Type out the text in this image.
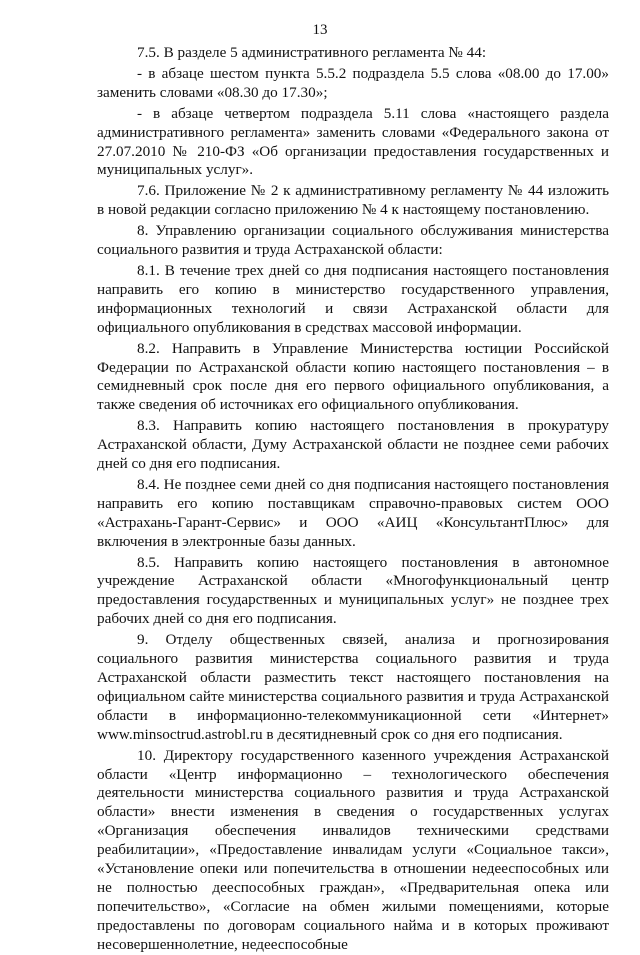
13

7.5. В разделе 5 административного регламента № 44:

- в абзаце шестом пункта 5.5.2 подраздела 5.5 слова «08.00 до 17.00» заменить словами «08.30 до 17.30»;

- в абзаце четвертом подраздела 5.11 слова «настоящего раздела административного регламента» заменить словами «Федерального закона от 27.07.2010 № 210-ФЗ «Об организации предоставления государственных и муниципальных услуг».

7.6. Приложение № 2 к административному регламенту № 44 изложить в новой редакции согласно приложению № 4 к настоящему постановлению.

8. Управлению организации социального обслуживания министерства социального развития и труда Астраханской области:

8.1. В течение трех дней со дня подписания настоящего постановления направить его копию в министерство государственного управления, информационных технологий и связи Астраханской области для официального опубликования в средствах массовой информации.

8.2. Направить в Управление Министерства юстиции Российской Федерации по Астраханской области копию настоящего постановления – в семидневный срок после дня его первого официального опубликования, а также сведения об источниках его официального опубликования.

8.3. Направить копию настоящего постановления в прокуратуру Астраханской области, Думу Астраханской области не позднее семи рабочих дней со дня его подписания.

8.4. Не позднее семи дней со дня подписания настоящего постановления направить его копию поставщикам справочно-правовых систем ООО «Астрахань-Гарант-Сервис» и ООО «АИЦ «КонсультантПлюс» для включения в электронные базы данных.

8.5. Направить копию настоящего постановления в автономное учреждение Астраханской области «Многофункциональный центр предоставления государственных и муниципальных услуг» не позднее трех рабочих дней со дня его подписания.

9. Отделу общественных связей, анализа и прогнозирования социального развития министерства социального развития и труда Астраханской области разместить текст настоящего постановления на официальном сайте министерства социального развития и труда Астраханской области в информационно-телекоммуникационной сети «Интернет» www.minsoctrud.astrobl.ru в десятидневный срок со дня его подписания.

10. Директору государственного казенного учреждения Астраханской области «Центр информационно – технологического обеспечения деятельности министерства социального развития и труда Астраханской области» внести изменения в сведения о государственных услугах «Организация обеспечения инвалидов техническими средствами реабилитации», «Предоставление инвалидам услуги «Социальное такси», «Установление опеки или попечительства в отношении недееспособных или не полностью дееспособных граждан», «Предварительная опека или попечительство», «Согласие на обмен жилыми помещениями, которые предоставлены по договорам социального найма и в которых проживают несовершеннолетние, недееспособные
